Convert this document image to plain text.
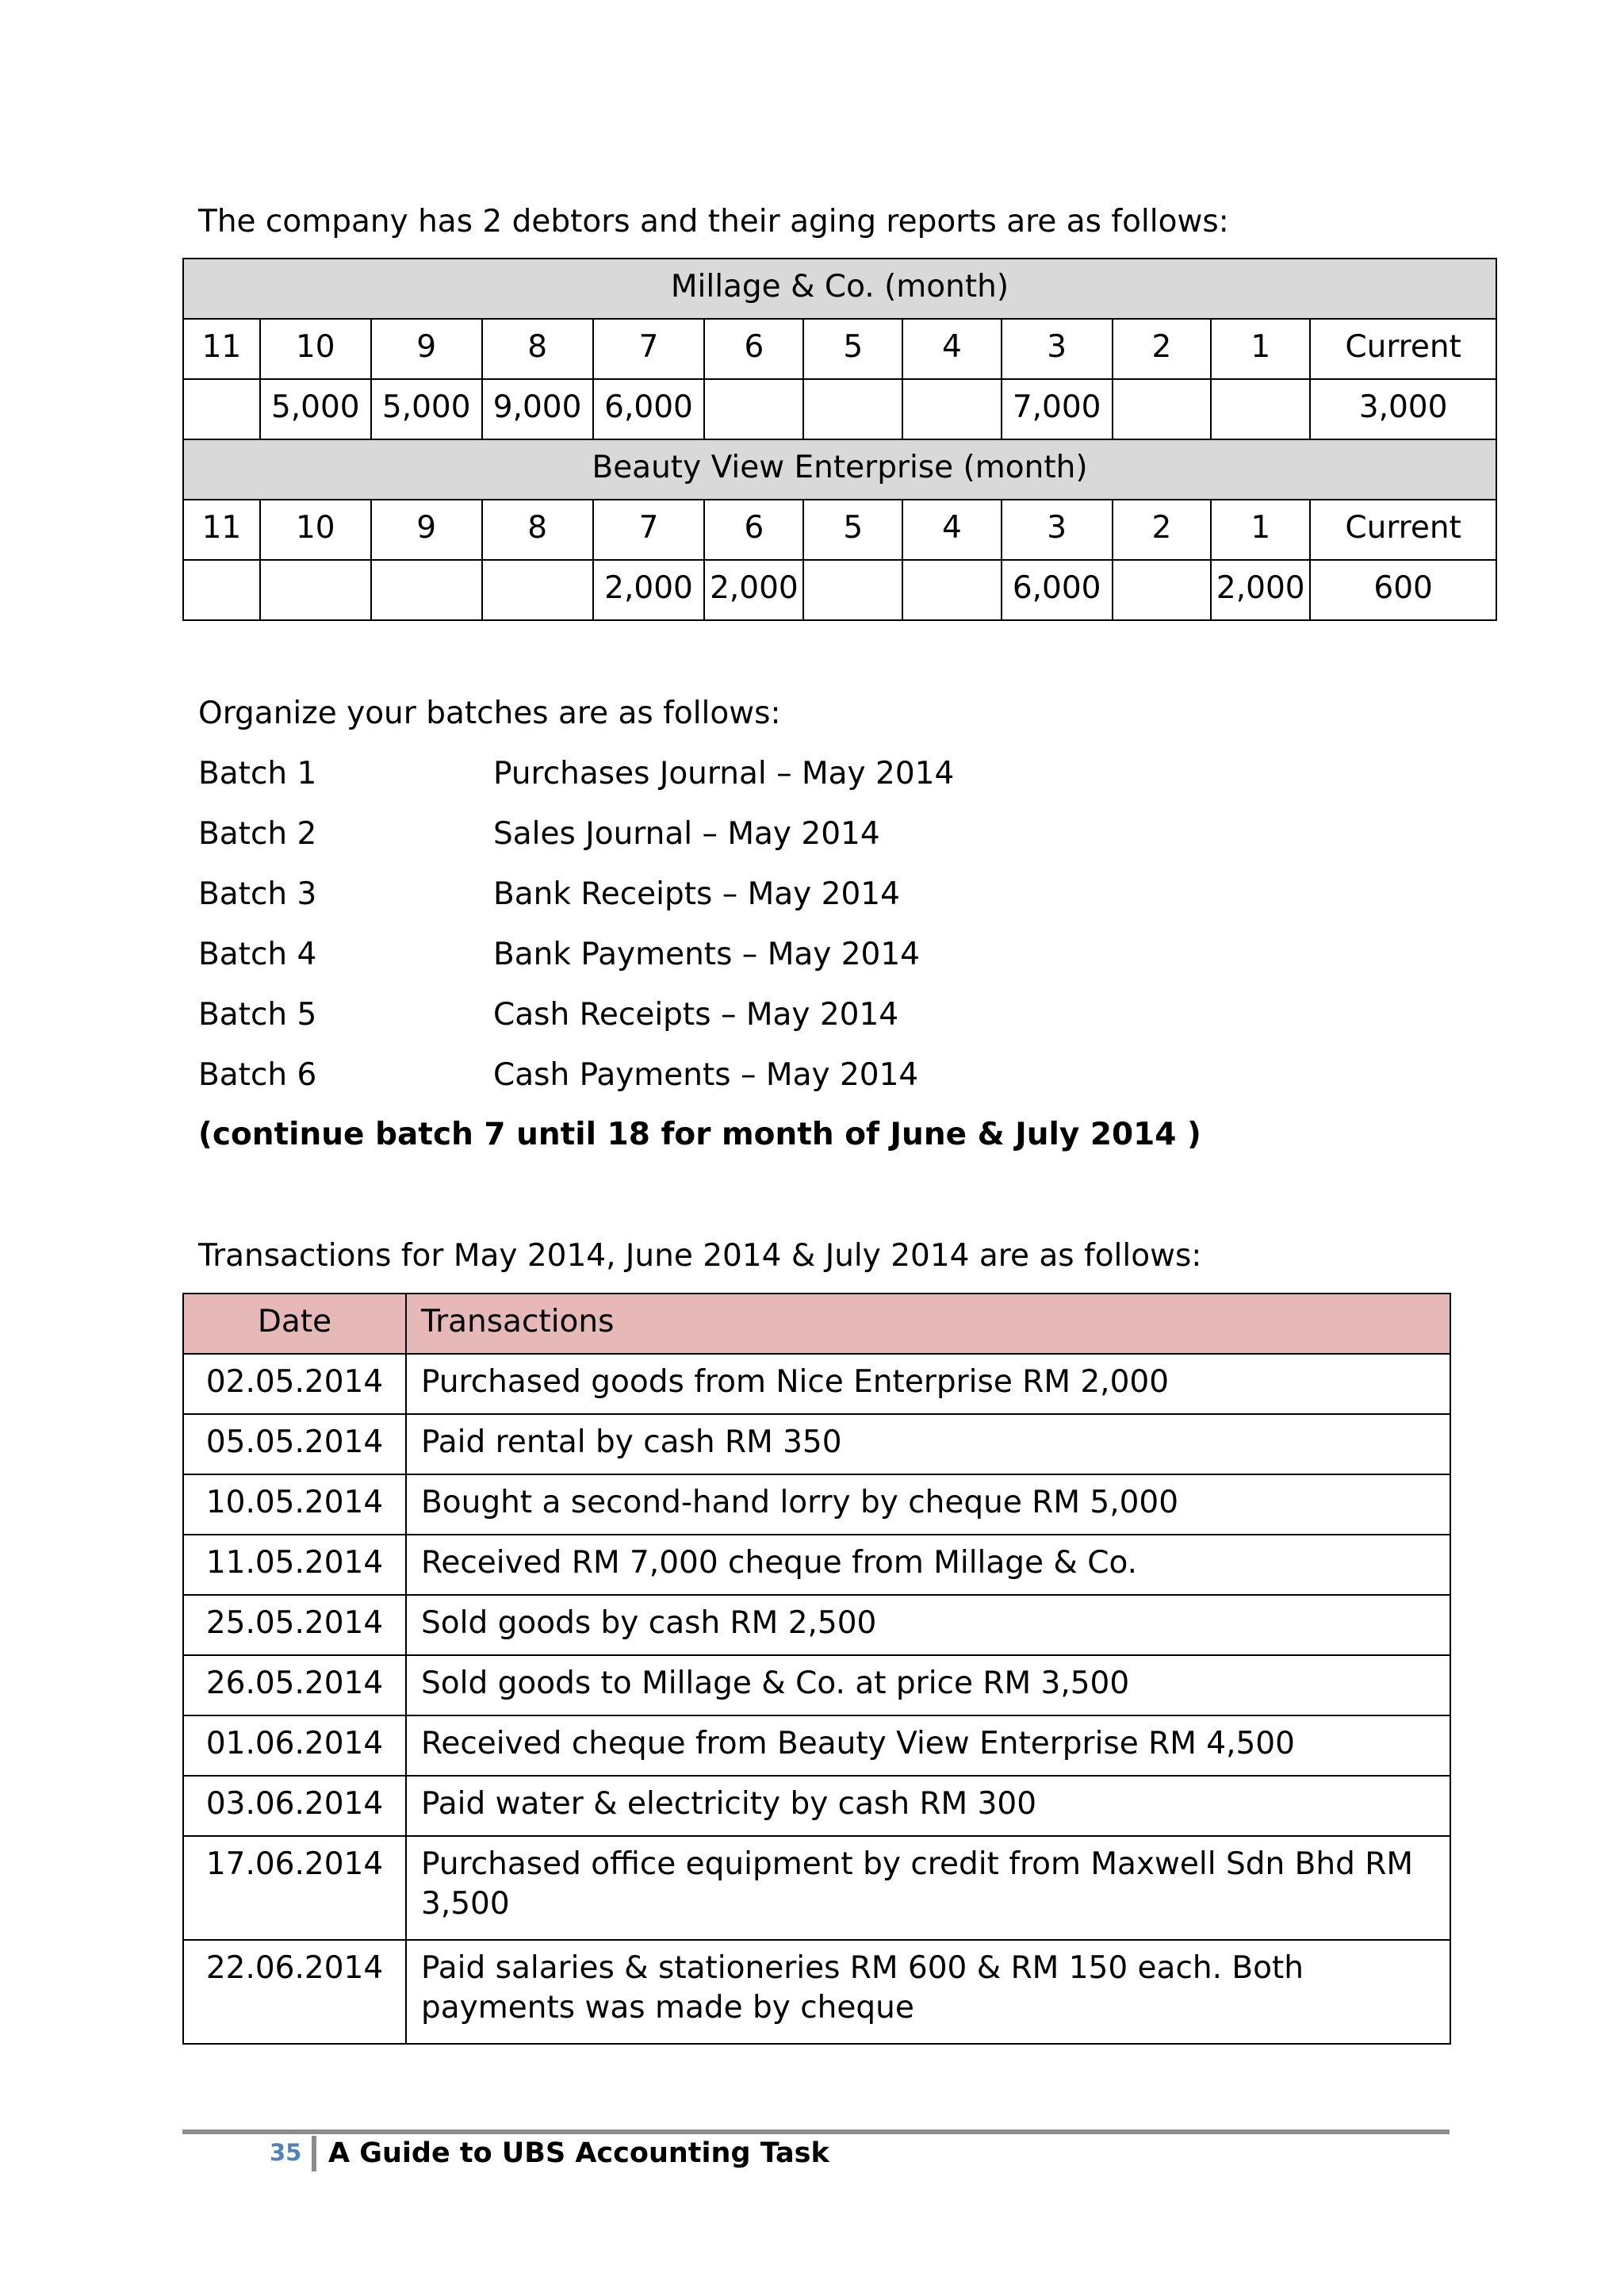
The company has 2 debtors and their aging reports are as follows:
Millage & Co. (month)											
11	10	9	8	7	6	5	4	3	2	1	Current
	5,000	5,000	9,000	6,000				7,000			3,000
Beauty View Enterprise (month)											
11	10	9	8	7	6	5	4	3	2	1	Current
				2,000	2,000			6,000		2,000	600
Organize your batches are as follows:
Batch 1	Purchases Journal – May 2014
Batch 2	Sales Journal – May 2014
Batch 3	Bank Receipts – May 2014
Batch 4	Bank Payments – May 2014
Batch 5	Cash Receipts – May 2014
Batch 6	Cash Payments – May 2014
(continue batch 7 until 18 for month of June & July 2014 )
Transactions for May 2014, June 2014 & July 2014 are as follows:
Date	Transactions
02.05.2014	Purchased goods from Nice Enterprise RM 2,000
05.05.2014	Paid rental by cash RM 350
10.05.2014	Bought a second-hand lorry by cheque RM 5,000
11.05.2014	Received RM 7,000 cheque from Millage & Co.
25.05.2014	Sold goods by cash RM 2,500
26.05.2014	Sold goods to Millage & Co. at price RM 3,500
01.06.2014	Received cheque from Beauty View Enterprise RM 4,500
03.06.2014	Paid water & electricity by cash RM 300
17.06.2014	Purchased office equipment by credit from Maxwell Sdn Bhd RM 3,500
22.06.2014	Paid salaries & stationeries RM 600 & RM 150 each. Both payments was made by cheque
35 A Guide to UBS Accounting Task
